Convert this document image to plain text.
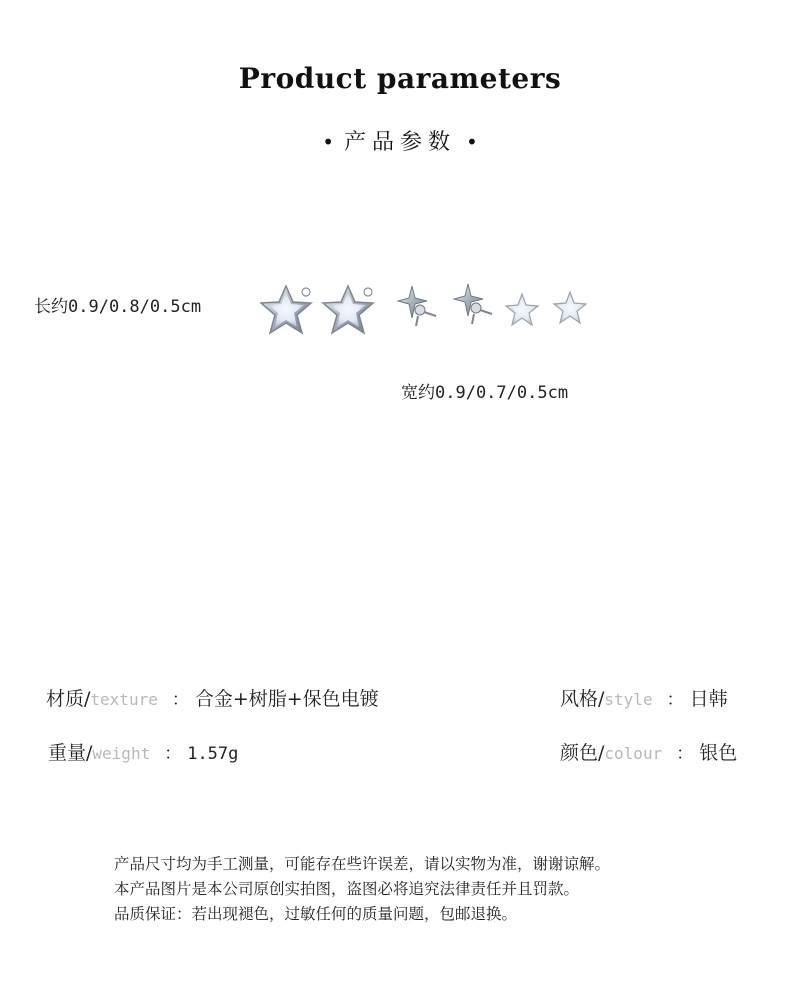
Product parameters
• 产品参数 •
长约0.9/0.8/0.5cm
宽约0.9/0.7/0.5cm
材质/texture ： 合金+树脂+保色电镀	风格/style ： 日韩
重量/weight ： 1.57g	颜色/colour ： 银色
产品尺寸均为手工测量，可能存在些许误差，请以实物为准，谢谢谅解。
本产品图片是本公司原创实拍图，盗图必将追究法律责任并且罚款。
品质保证：若出现褪色，过敏任何的质量问题，包邮退换。
